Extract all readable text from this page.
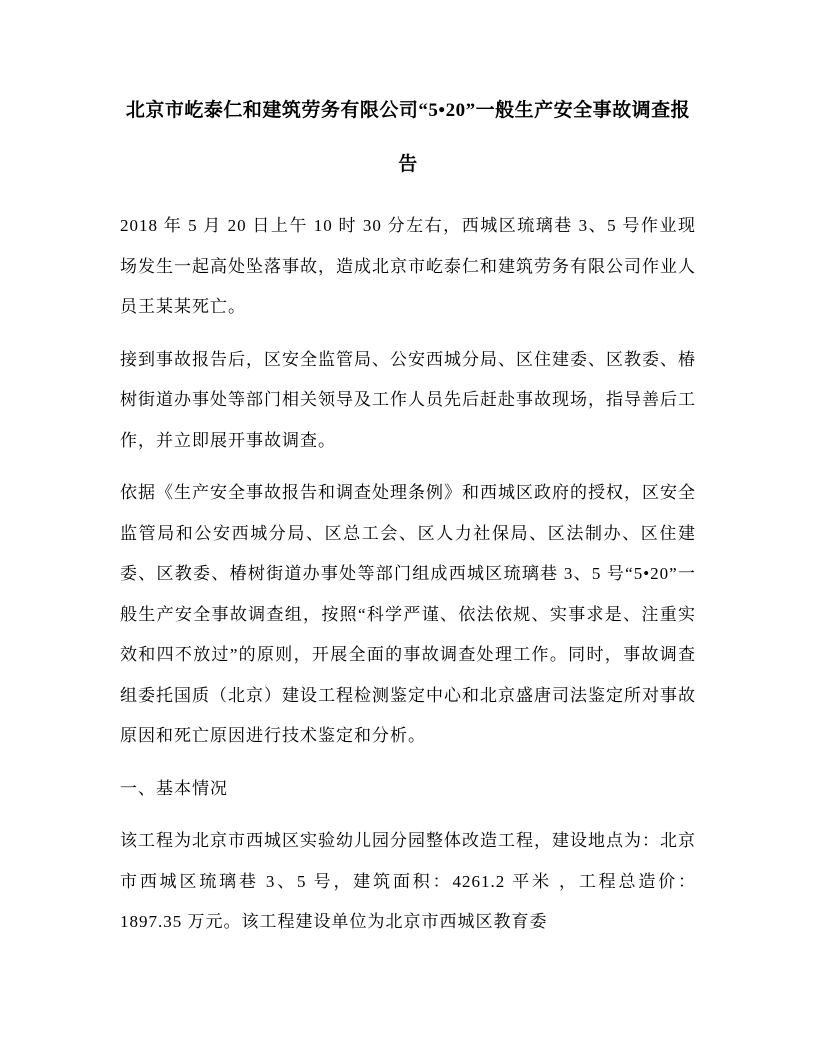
北京市屹泰仁和建筑劳务有限公司“5•20”一般生产安全事故调查报告

2018 年 5 月 20 日上午 10 时 30 分左右，西城区琉璃巷 3、5 号作业现场发生一起高处坠落事故，造成北京市屹泰仁和建筑劳务有限公司作业人员王某某死亡。

接到事故报告后，区安全监管局、公安西城分局、区住建委、区教委、椿树街道办事处等部门相关领导及工作人员先后赶赴事故现场，指导善后工作，并立即展开事故调查。

依据《生产安全事故报告和调查处理条例》和西城区政府的授权，区安全监管局和公安西城分局、区总工会、区人力社保局、区法制办、区住建委、区教委、椿树街道办事处等部门组成西城区琉璃巷 3、5 号“5•20”一般生产安全事故调查组，按照“科学严谨、依法依规、实事求是、注重实效和四不放过”的原则，开展全面的事故调查处理工作。同时，事故调查组委托国质（北京）建设工程检测鉴定中心和北京盛唐司法鉴定所对事故原因和死亡原因进行技术鉴定和分析。

一、基本情况

该工程为北京市西城区实验幼儿园分园整体改造工程，建设地点为：北京市西城区琉璃巷 3、5 号，建筑面积：4261.2 平米 ，工程总造价：1897.35 万元。该工程建设单位为北京市西城区教育委
